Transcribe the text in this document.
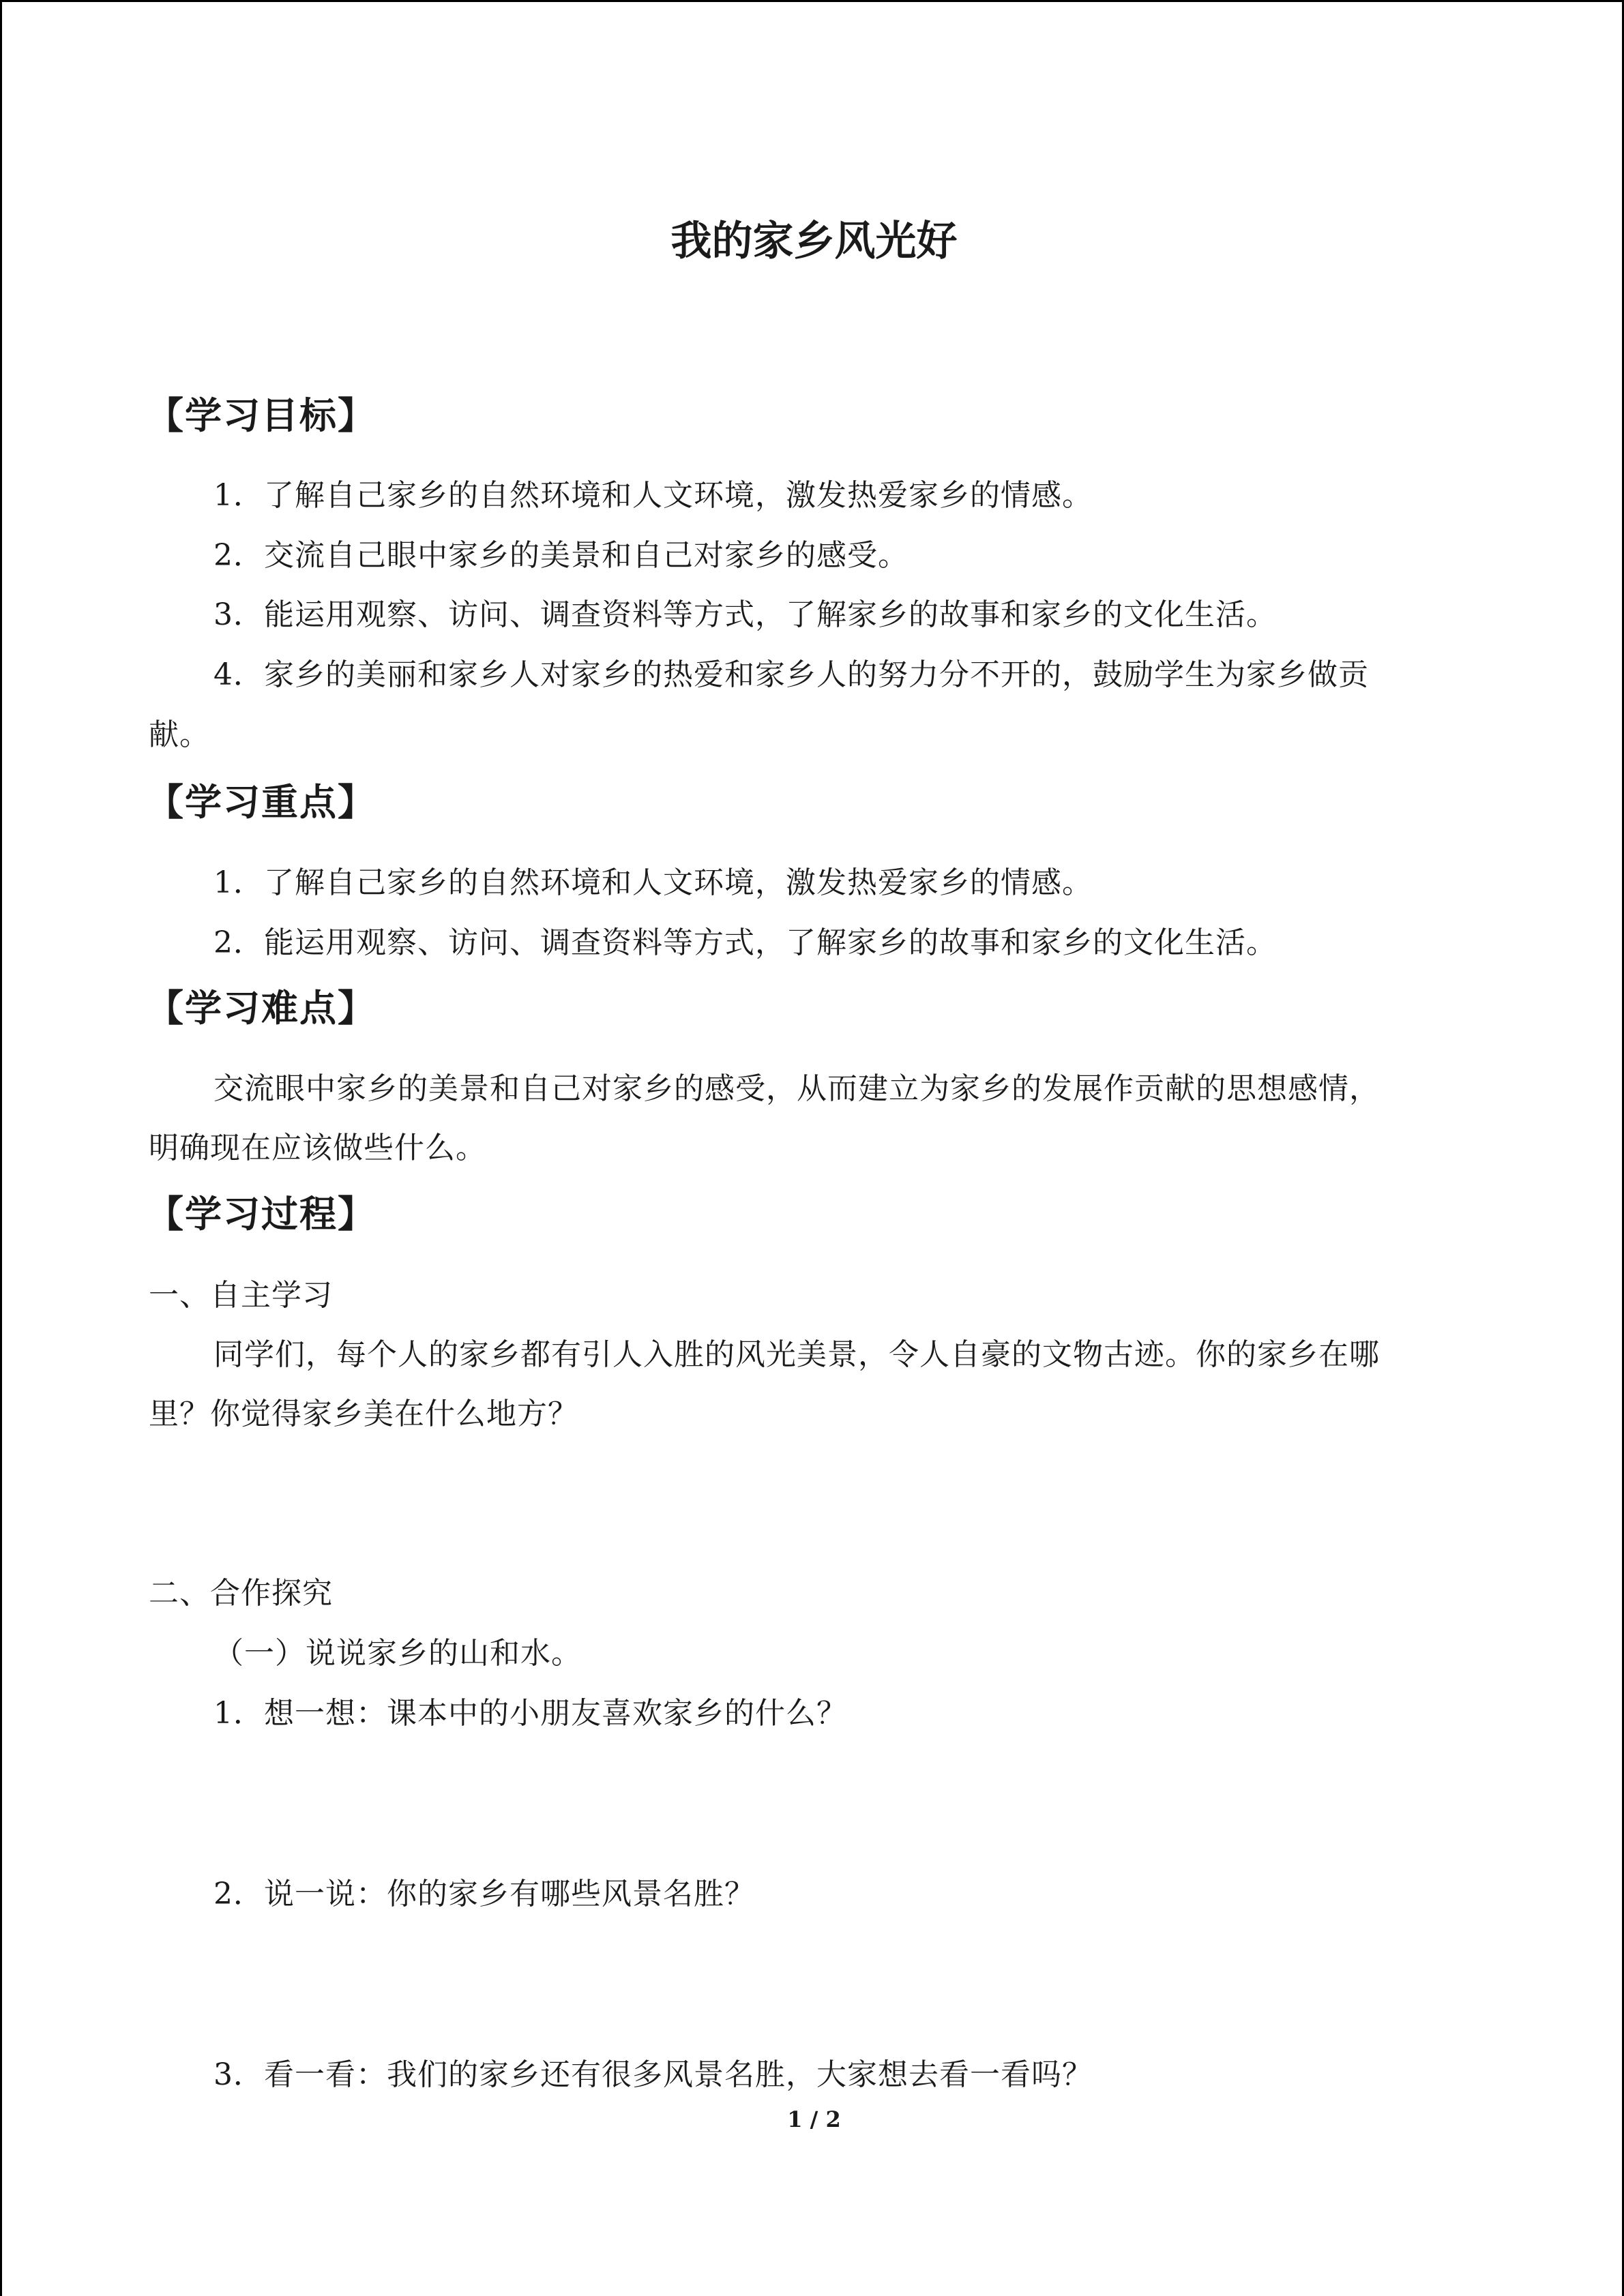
我的家乡风光好
【学习目标】
1．了解自己家乡的自然环境和人文环境，激发热爱家乡的情感。
2．交流自己眼中家乡的美景和自己对家乡的感受。
3．能运用观察、访问、调查资料等方式，了解家乡的故事和家乡的文化生活。
4．家乡的美丽和家乡人对家乡的热爱和家乡人的努力分不开的，鼓励学生为家乡做贡
献。
【学习重点】
1．了解自己家乡的自然环境和人文环境，激发热爱家乡的情感。
2．能运用观察、访问、调查资料等方式，了解家乡的故事和家乡的文化生活。
【学习难点】
交流眼中家乡的美景和自己对家乡的感受，从而建立为家乡的发展作贡献的思想感情，
明确现在应该做些什么。
【学习过程】
一、自主学习
同学们，每个人的家乡都有引人入胜的风光美景，令人自豪的文物古迹。你的家乡在哪
里？你觉得家乡美在什么地方？
二、合作探究
（一）说说家乡的山和水。
1．想一想：课本中的小朋友喜欢家乡的什么？
2．说一说：你的家乡有哪些风景名胜？
3．看一看：我们的家乡还有很多风景名胜，大家想去看一看吗？
1 / 2
